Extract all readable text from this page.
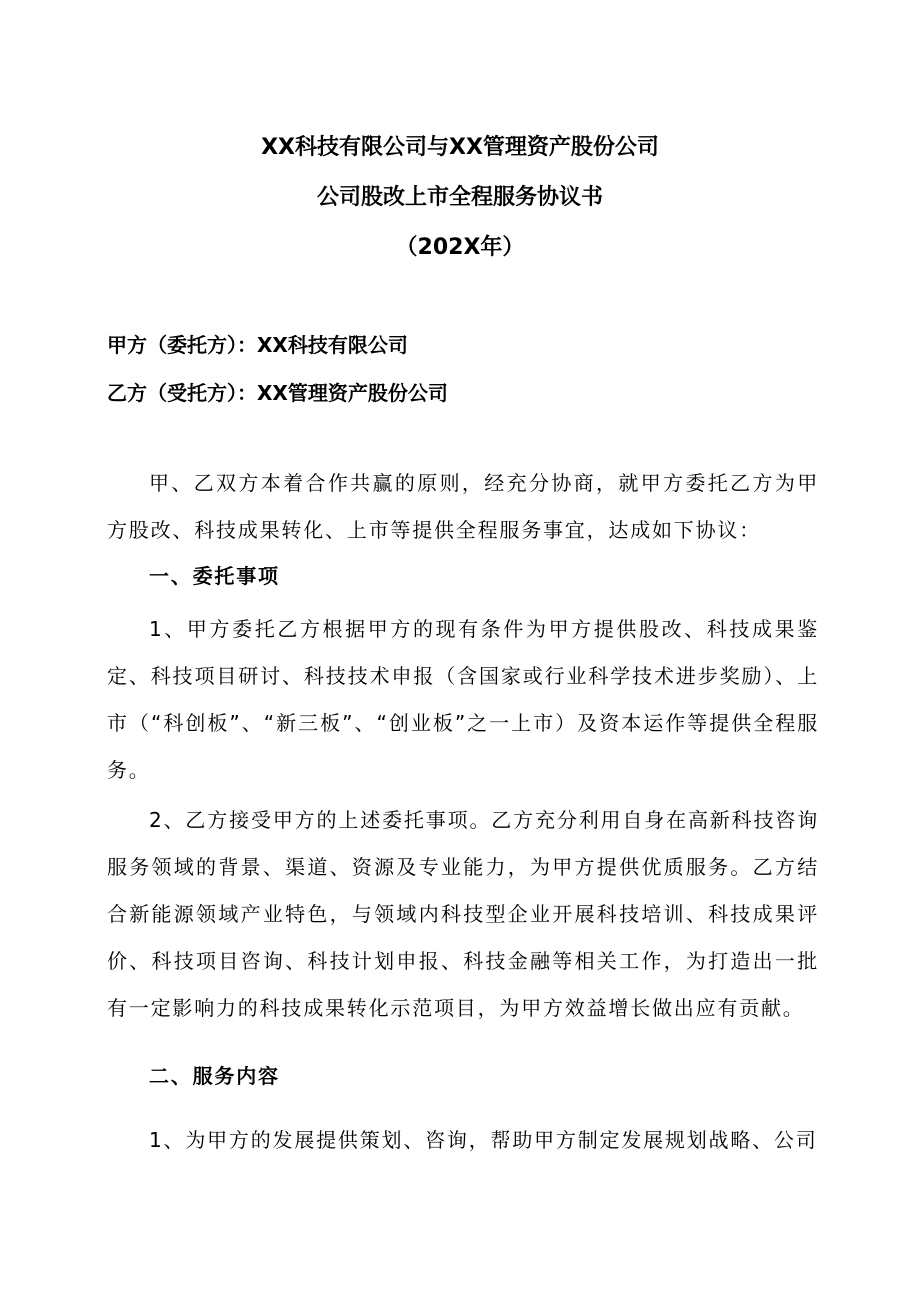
XX科技有限公司与XX管理资产股份公司
公司股改上市全程服务协议书
（202X年）
甲方（委托方）：XX科技有限公司
乙方（受托方）：XX管理资产股份公司

甲、乙双方本着合作共赢的原则，经充分协商，就甲方委托乙方为甲方股改、科技成果转化、上市等提供全程服务事宜，达成如下协议：

一、委托事项

1、甲方委托乙方根据甲方的现有条件为甲方提供股改、科技成果鉴定、科技项目研讨、科技技术申报（含国家或行业科学技术进步奖励）、上市（“科创板”、“新三板”、“创业板”之一上市）及资本运作等提供全程服务。

2、乙方接受甲方的上述委托事项。乙方充分利用自身在高新科技咨询服务领域的背景、渠道、资源及专业能力，为甲方提供优质服务。乙方结合新能源领域产业特色，与领域内科技型企业开展科技培训、科技成果评价、科技项目咨询、科技计划申报、科技金融等相关工作，为打造出一批有一定影响力的科技成果转化示范项目，为甲方效益增长做出应有贡献。

二、服务内容

1、为甲方的发展提供策划、咨询，帮助甲方制定发展规划战略、公司
